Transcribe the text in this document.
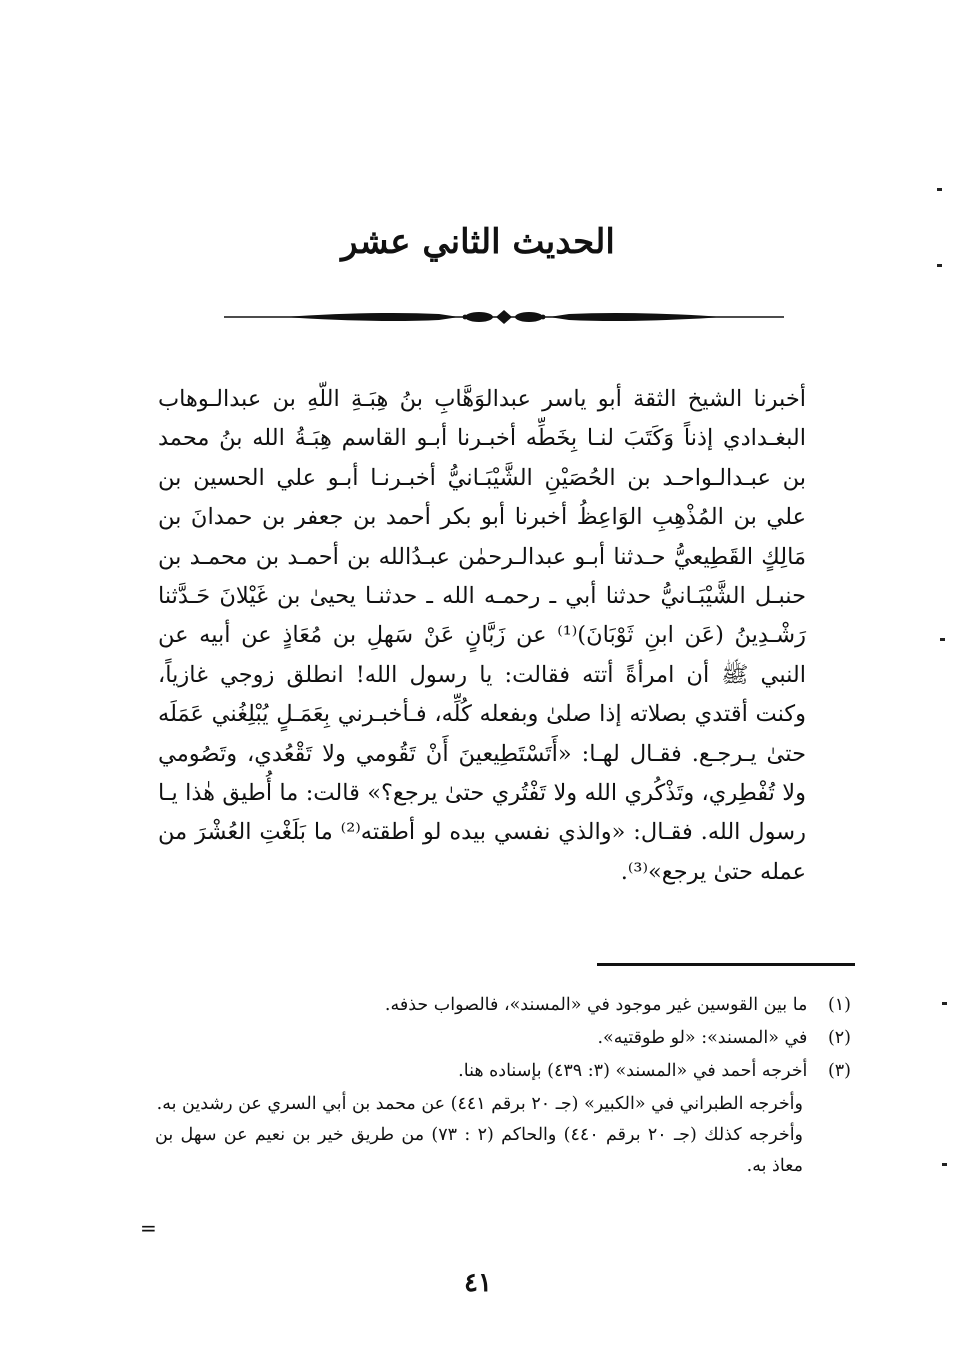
الحديث الثاني عشر

أخبرنا الشيخ الثقة أبو ياسر عبدالوَهَّابِ بنُ هِبَـةِ اللّهِ بن عبدالـوهاب البغـدادي إذناً وَكَتَبَ لنـا بِخَطِّه أخبـرنا أبـو القاسم هِبَـةُ الله بنُ محمد بن عبـدالـواحـد بن الحُصَيْنِ الشَّيْبَـانيُّ أخبـرنـا أبـو علي الحسين بن علي بن المُذْهِبِ الوَاعِظُ أخبرنا أبو بكر أحمد بن جعفر بن حمدانَ بن مَالِكٍ القَطِيعيُّ حـدثنا أبـو عبدالـرحمٰن عبـدُالله بن أحمـد بن محمـد بن حنبـل الشَّيْبَـانيُّ حدثنا أبي ـ رحمـه الله ـ حدثنـا يحيىٰ بن غَيْلانَ حَـدَّثنا رَشْـدِينُ (عَن ابنِ ثَوْبَانَ)⁽¹⁾ عن زَبَّانٍ عَنْ سَهلِ بن مُعَاذٍ عن أبيه عن النبي ﷺ أن امرأةً أتته فقالت: يا رسول الله! انطلق زوجي غازياً، وكنت أقتدي بصلاته إذا صلىٰ وبفعله كُلِّه، فـأخبـرني بِعَمَـلٍ يُبْلِغُني عَمَلَه حتىٰ يـرجـع. فقـال لهـا: «أَتَسْتَطِيعينَ أَنْ تَقُومي ولا تَقْعُدي، وتَصُومي ولا تُفْطِري، وتَذْكُري الله ولا تَفْتُري حتىٰ يرجع؟» قالت: ما أُطيق هٰذا يـا رسول الله. فقـال: «والذي نفسي بيده لو أطقته⁽²⁾ ما بَلَغْتِ العُشْرَ من عمله حتىٰ يرجع»⁽³⁾.

(١) ما بين القوسين غير موجود في «المسند»، فالصواب حذفه.

(٢) في «المسند»: «لو طوقتيه».

(٣) أخرجه أحمد في «المسند» (٣: ٤٣٩) بإسناده هنا.

وأخرجه الطبراني في «الكبير» (جـ ٢٠ برقم ٤٤١) عن محمد بن أبي السري عن رشدين به.

وأخرجه كذلك (جـ ٢٠ برقم ٤٤٠) والحاكم (٢ : ٧٣) من طريق خير بن نعيم عن سهل بن معاذ به.

=
٤١
